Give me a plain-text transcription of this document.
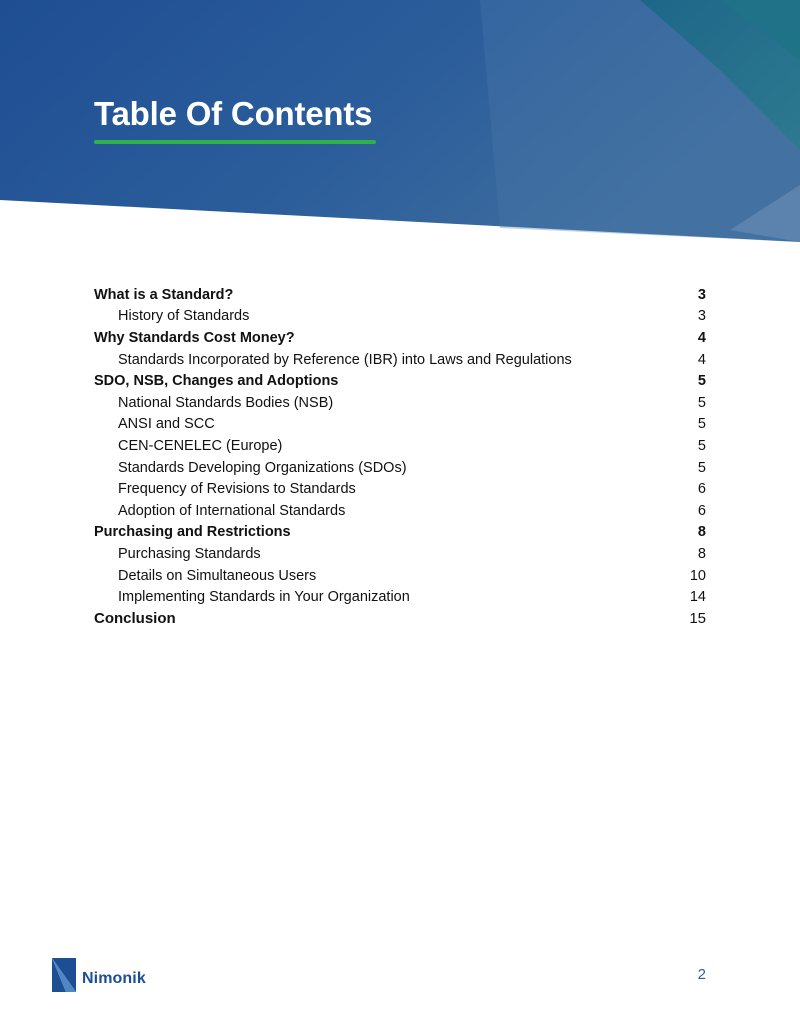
Table Of Contents
What is a Standard?	3
History of Standards	3
Why Standards Cost Money?	4
Standards Incorporated by Reference (IBR) into Laws and Regulations	4
SDO, NSB, Changes and Adoptions	5
National Standards Bodies (NSB)	5
ANSI and SCC	5
CEN-CENELEC (Europe)	5
Standards Developing Organizations (SDOs)	5
Frequency of Revisions to Standards	6
Adoption of International Standards	6
Purchasing and Restrictions	8
Purchasing Standards	8
Details on Simultaneous Users	10
Implementing Standards in Your Organization	14
Conclusion	15
Nimonik	2
